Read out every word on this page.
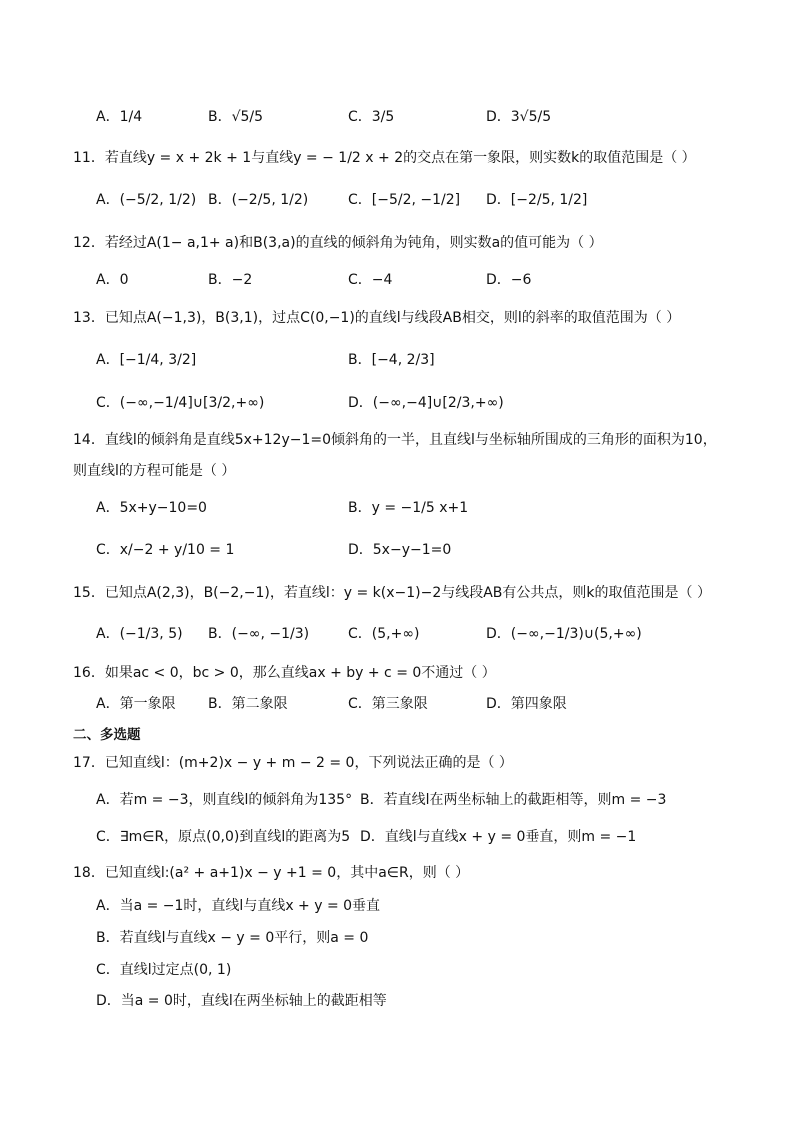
A．1/4	B．√5/5	C．3/5	D．3√5/5
11．若直线y = x + 2k + 1与直线y = − 1/2 x + 2的交点在第一象限，则实数k的取值范围是（ ）
A．(−5/2, 1/2) B．(−2/5, 1/2)	C．[−5/2, −1/2] D．[−2/5, 1/2]
12．若经过A(1− a,1+ a)和B(3,a)的直线的倾斜角为钝角，则实数a的值可能为（ ）
A．0	B．−2	C．−4	D．−6
13．已知点A(−1,3)，B(3,1)，过点C(0,−1)的直线l与线段AB相交，则l的斜率的取值范围为（ ）
A．[−1/4, 3/2]	B．[−4, 2/3]
C．(−∞,−1/4]∪[3/2,+∞)	D．(−∞,−4]∪[2/3,+∞)
14．直线l的倾斜角是直线5x+12y−1=0倾斜角的一半，且直线l与坐标轴所围成的三角形的面积为10，
则直线l的方程可能是（ ）
A．5x+y−10=0	B．y = −1/5 x+1
C．x/−2 + y/10 = 1	D．5x−y−1=0
15．已知点A(2,3)，B(−2,−1)，若直线l：y = k(x−1)−2与线段AB有公共点，则k的取值范围是（ ）
A．(−1/3, 5) B．(−∞, −1/3)	C．(5,+∞)	D．(−∞,−1/3)∪(5,+∞)
16．如果ac < 0，bc > 0，那么直线ax + by + c = 0不通过（ ）
A．第一象限 B．第二象限	C．第三象限	D．第四象限
二、多选题
17．已知直线l：(m+2)x − y + m − 2 = 0，下列说法正确的是（ ）
A．若m = −3，则直线l的倾斜角为135° B．若直线l在两坐标轴上的截距相等，则m = −3
C．∃m∈R，原点(0,0)到直线l的距离为5 D．直线l与直线x + y = 0垂直，则m = −1
18．已知直线l:(a² + a+1)x − y +1 = 0，其中a∈R，则（ ）
A．当a = −1时，直线l与直线x + y = 0垂直
B．若直线l与直线x − y = 0平行，则a = 0
C．直线l过定点(0, 1)
D．当a = 0时，直线l在两坐标轴上的截距相等
